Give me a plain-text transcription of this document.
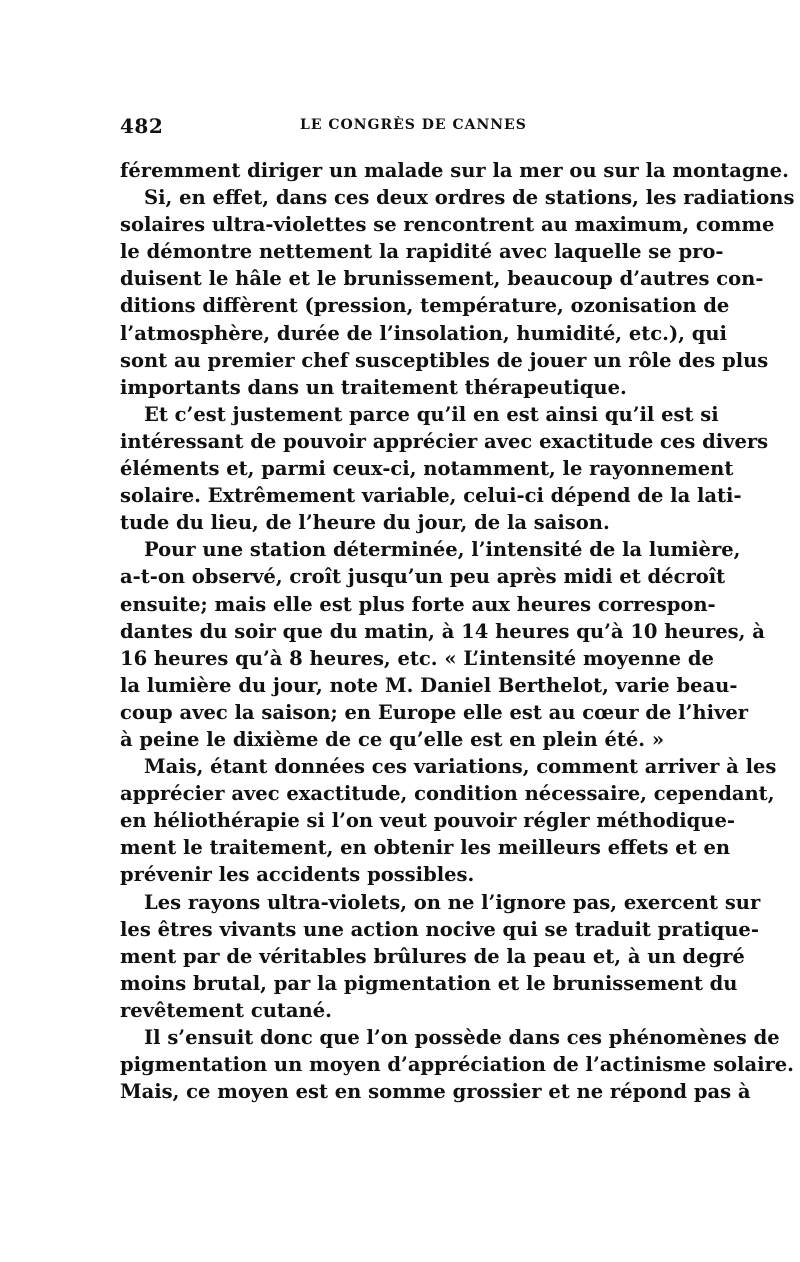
482	LE CONGRÈS DE CANNES
féremment diriger un malade sur la mer ou sur la montagne.
Si, en effet, dans ces deux ordres de stations, les radiations
solaires ultra-violettes se rencontrent au maximum, comme
le démontre nettement la rapidité avec laquelle se pro-
duisent le hâle et le brunissement, beaucoup d’autres con-
ditions diffèrent (pression, température, ozonisation de
l’atmosphère, durée de l’insolation, humidité, etc.), qui
sont au premier chef susceptibles de jouer un rôle des plus
importants dans un traitement thérapeutique.
Et c’est justement parce qu’il en est ainsi qu’il est si
intéressant de pouvoir apprécier avec exactitude ces divers
éléments et, parmi ceux-ci, notamment, le rayonnement
solaire. Extrêmement variable, celui-ci dépend de la lati-
tude du lieu, de l’heure du jour, de la saison.
Pour une station déterminée, l’intensité de la lumière,
a-t-on observé, croît jusqu’un peu après midi et décroît
ensuite; mais elle est plus forte aux heures correspon-
dantes du soir que du matin, à 14 heures qu’à 10 heures, à
16 heures qu’à 8 heures, etc. « L’intensité moyenne de
la lumière du jour, note M. Daniel Berthelot, varie beau-
coup avec la saison; en Europe elle est au cœur de l’hiver
à peine le dixième de ce qu’elle est en plein été. »
Mais, étant données ces variations, comment arriver à les
apprécier avec exactitude, condition nécessaire, cependant,
en héliothérapie si l’on veut pouvoir régler méthodique-
ment le traitement, en obtenir les meilleurs effets et en
prévenir les accidents possibles.
Les rayons ultra-violets, on ne l’ignore pas, exercent sur
les êtres vivants une action nocive qui se traduit pratique-
ment par de véritables brûlures de la peau et, à un degré
moins brutal, par la pigmentation et le brunissement du
revêtement cutané.
Il s’ensuit donc que l’on possède dans ces phénomènes de
pigmentation un moyen d’appréciation de l’actinisme solaire.
Mais, ce moyen est en somme grossier et ne répond pas à
